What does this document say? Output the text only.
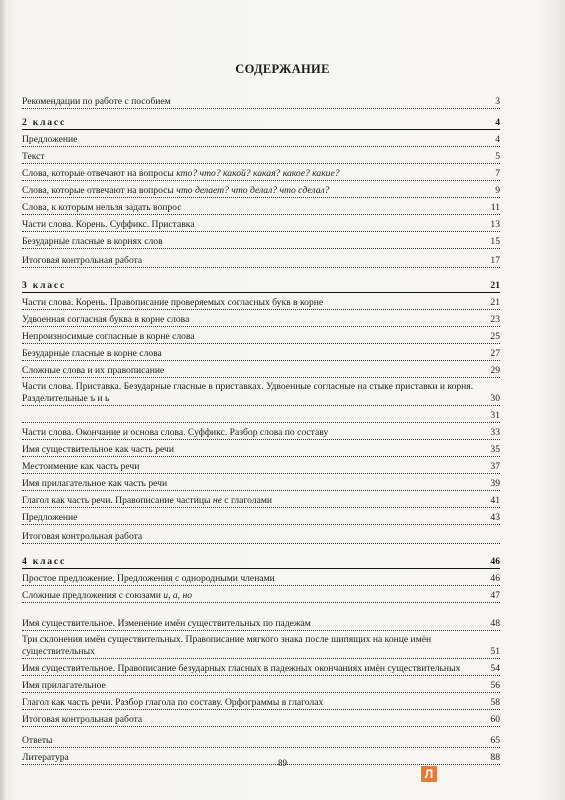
СОДЕРЖАНИЕ
Рекомендации по работе с пособием	3
2 класс	4
Предложение	4
Текст	5
Слова, которые отвечают на вопросы кто? что? какой? какая? какое? какие?	7
Слова, которые отвечают на вопросы что делает? что делал? что сделал?	9
Слова, к которым нельзя задать вопрос	11
Части слова. Корень. Суффикс. Приставка	13
Безударные гласные в корнях слов	15
Итоговая контрольная работа	17
3 класс	21
Части слова. Корень. Правописание проверяемых согласных букв в корне	21
Удвоенная согласная буква в корне слова	23
Непроизносимые согласные в корне слова	25
Безударные гласные в корне слова	27
Сложные слова и их правописание	29
Части слова. Приставка. Безударные гласные в приставках. Удвоенные согласные на стыке приставки и корня. Разделительные ъ и ь	30
31
Части слова. Окончание и основа слова. Суффикс. Разбор слова по составу	33
Имя существительное как часть речи	35
Местоимение как часть речи	37
Имя прилагательное как часть речи	39
Глагол как часть речи. Правописание частицы не с глаголами	41
Предложение	43
Итоговая контрольная работа
4 класс	46
Простое предложение. Предложения с однородными членами	46
Сложные предложения с союзами и, а, но	47
Имя существительное. Изменение имён существительных по падежам	48
Три склонения имён существительных. Правописание мягкого знака после шипящих на конце имён существительных	51
Имя существительное. Правописание безударных гласных в падежных окончаниях имён существительных	54
Имя прилагательное	56
Глагол как часть речи. Разбор глагола по составу. Орфограммы в глаголах	58
Итоговая контрольная работа	60
Ответы	65
Литература	88
89
Л
